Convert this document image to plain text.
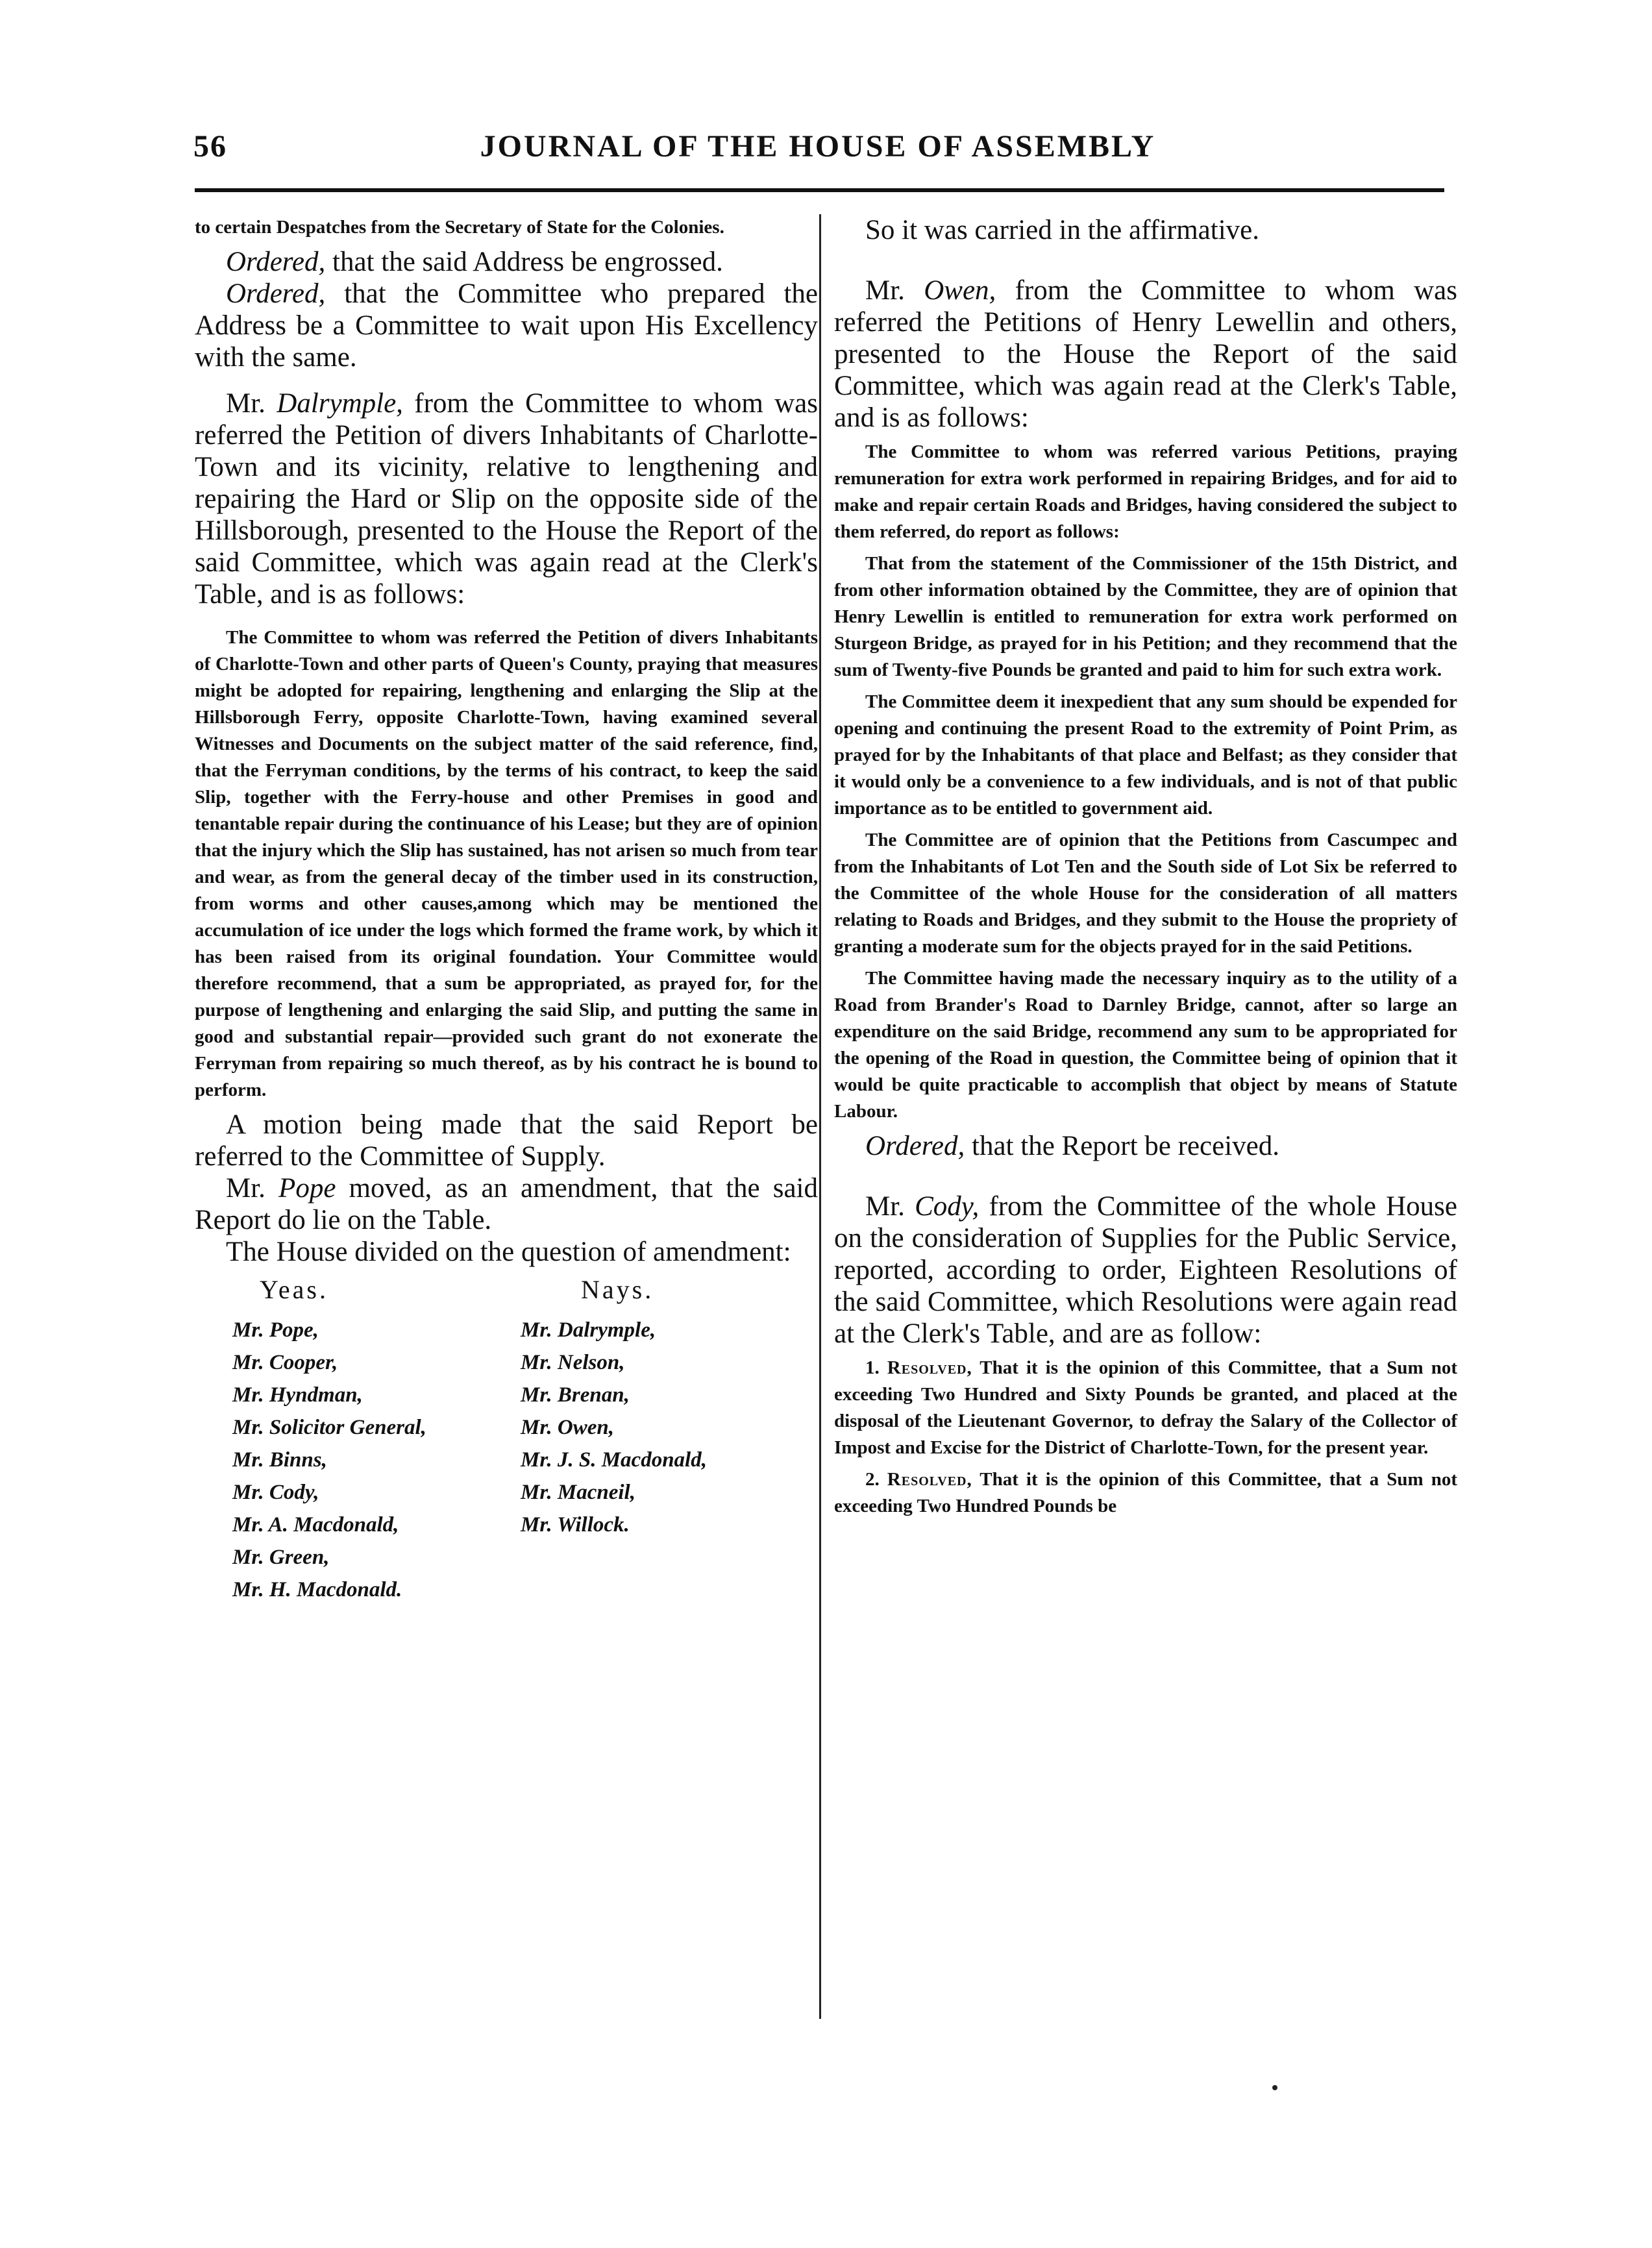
56	JOURNAL OF THE HOUSE OF ASSEMBLY

to certain Despatches from the Secretary of State for the Colonies.

Ordered, that the said Address be engrossed.

Ordered, that the Committee who prepared the Address be a Committee to wait upon His Excellency with the same.

Mr. Dalrymple, from the Committee to whom was referred the Petition of divers Inhabitants of Charlotte-Town and its vicinity, relative to lengthening and repairing the Hard or Slip on the opposite side of the Hillsborough, presented to the House the Report of the said Committee, which was again read at the Clerk's Table, and is as follows:

The Committee to whom was referred the Petition of divers Inhabitants of Charlotte-Town and other parts of Queen's County, praying that measures might be adopted for repairing, lengthening and enlarging the Slip at the Hillsborough Ferry, opposite Charlotte-Town, having examined several Witnesses and Documents on the subject matter of the said reference, find, that the Ferryman conditions, by the terms of his contract, to keep the said Slip, together with the Ferry-house and other Premises in good and tenantable repair during the continuance of his Lease; but they are of opinion that the injury which the Slip has sustained, has not arisen so much from tear and wear, as from the general decay of the timber used in its construction, from worms and other causes,among which may be mentioned the accumulation of ice under the logs which formed the frame work, by which it has been raised from its original foundation. Your Committee would therefore recommend, that a sum be appropriated, as prayed for, for the purpose of lengthening and enlarging the said Slip, and putting the same in good and substantial repair—provided such grant do not exonerate the Ferryman from repairing so much thereof, as by his contract he is bound to perform.

A motion being made that the said Report be referred to the Committee of Supply.

Mr. Pope moved, as an amendment, that the said Report do lie on the Table.

The House divided on the question of amendment:

Yeas.
Mr. Pope,
Mr. Cooper,
Mr. Hyndman,
Mr. Solicitor General,
Mr. Binns,
Mr. Cody,
Mr. A. Macdonald,
Mr. Green,
Mr. H. Macdonald.
Nays.
Mr. Dalrymple,
Mr. Nelson,
Mr. Brenan,
Mr. Owen,
Mr. J. S. Macdonald,
Mr. Macneil,
Mr. Willock.

So it was carried in the affirmative.

Mr. Owen, from the Committee to whom was referred the Petitions of Henry Lewellin and others, presented to the House the Report of the said Committee, which was again read at the Clerk's Table, and is as follows:

The Committee to whom was referred various Petitions, praying remuneration for extra work performed in repairing Bridges, and for aid to make and repair certain Roads and Bridges, having considered the subject to them referred, do report as follows:

That from the statement of the Commissioner of the 15th District, and from other information obtained by the Committee, they are of opinion that Henry Lewellin is entitled to remuneration for extra work performed on Sturgeon Bridge, as prayed for in his Petition; and they recommend that the sum of Twenty-five Pounds be granted and paid to him for such extra work.

The Committee deem it inexpedient that any sum should be expended for opening and continuing the present Road to the extremity of Point Prim, as prayed for by the Inhabitants of that place and Belfast; as they consider that it would only be a convenience to a few individuals, and is not of that public importance as to be entitled to government aid.

The Committee are of opinion that the Petitions from Cascumpec and from the Inhabitants of Lot Ten and the South side of Lot Six be referred to the Committee of the whole House for the consideration of all matters relating to Roads and Bridges, and they submit to the House the propriety of granting a moderate sum for the objects prayed for in the said Petitions.

The Committee having made the necessary inquiry as to the utility of a Road from Brander's Road to Darnley Bridge, cannot, after so large an expenditure on the said Bridge, recommend any sum to be appropriated for the opening of the Road in question, the Committee being of opinion that it would be quite practicable to accomplish that object by means of Statute Labour.

Ordered, that the Report be received.

Mr. Cody, from the Committee of the whole House on the consideration of Supplies for the Public Service, reported, according to order, Eighteen Resolutions of the said Committee, which Resolutions were again read at the Clerk's Table, and are as follow:

1. Resolved, That it is the opinion of this Committee, that a Sum not exceeding Two Hundred and Sixty Pounds be granted, and placed at the disposal of the Lieutenant Governor, to defray the Salary of the Collector of Impost and Excise for the District of Charlotte-Town, for the present year.

2. Resolved, That it is the opinion of this Committee, that a Sum not exceeding Two Hundred Pounds be
